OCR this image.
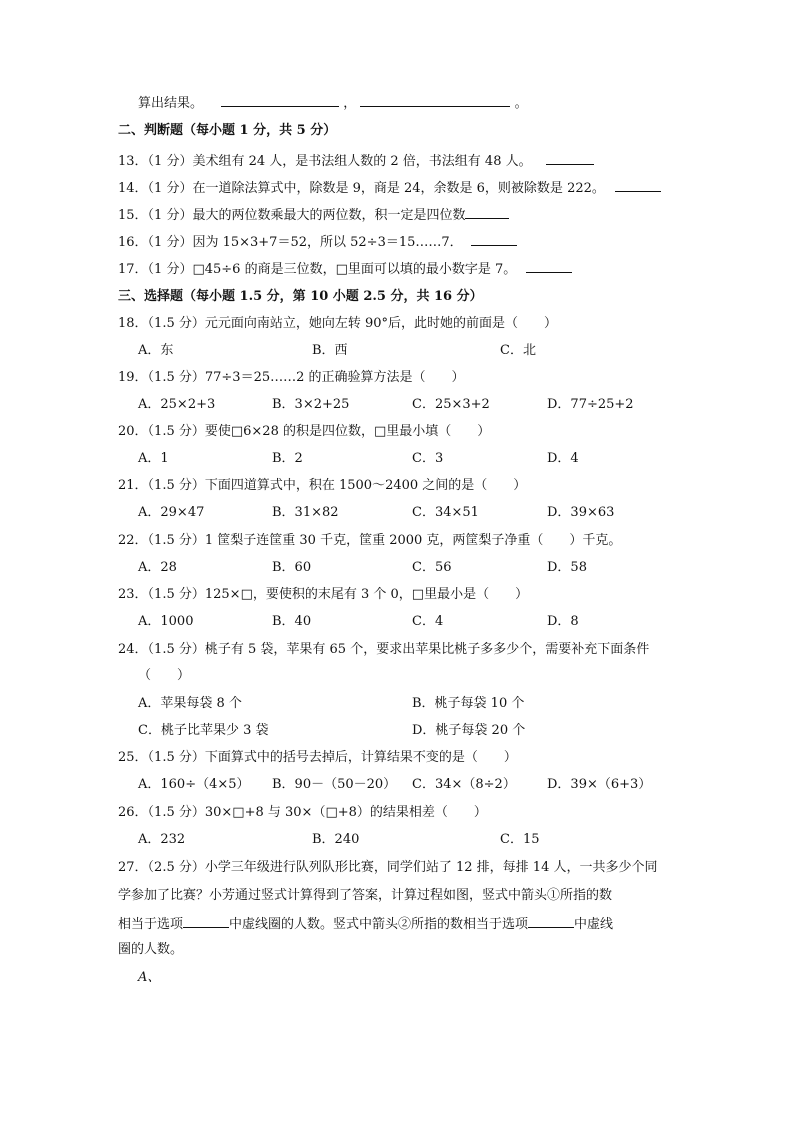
算出结果。	，	。
二、判断题（每小题 1 分，共 5 分）
13．（1 分）美术组有 24 人，是书法组人数的 2 倍，书法组有 48 人。
14．（1 分）在一道除法算式中，除数是 9，商是 24，余数是 6，则被除数是 222。
15．（1 分）最大的两位数乘最大的两位数，积一定是四位数
16．（1 分）因为 15×3+7＝52，所以 52÷3＝15……7．
17．（1 分）□45÷6 的商是三位数，□里面可以填的最小数字是 7。
三、选择题（每小题 1.5 分，第 10 小题 2.5 分，共 16 分）
18．（1.5 分）元元面向南站立，她向左转 90°后，此时她的前面是（　　）
A．东	B．西	C．北
19．（1.5 分）77÷3＝25……2 的正确验算方法是（　　）
A．25×2+3	B．3×2+25	C．25×3+2	D．77÷25+2
20．（1.5 分）要使□6×28 的积是四位数，□里最小填（　　）
A．1	B．2	C．3	D．4
21．（1.5 分）下面四道算式中，积在 1500～2400 之间的是（　　）
A．29×47	B．31×82	C．34×51	D．39×63
22．（1.5 分）1 筐梨子连筐重 30 千克，筐重 2000 克，两筐梨子净重（　　）千克。
A．28	B．60	C．56	D．58
23．（1.5 分）125×□，要使积的末尾有 3 个 0，□里最小是（　　）
A．1000	B．40	C．4	D．8
24．（1.5 分）桃子有 5 袋，苹果有 65 个，要求出苹果比桃子多多少个，需要补充下面条件
（　　）
A．苹果每袋 8 个	B．桃子每袋 10 个
C．桃子比苹果少 3 袋	D．桃子每袋 20 个
25．（1.5 分）下面算式中的括号去掉后，计算结果不变的是（　　）
A．160÷（4×5） B．90－（50－20） C．34×（8÷2） D．39×（6+3）
26．（1.5 分）30×□+8 与 30×（□+8）的结果相差（　　）
A．232	B．240	C．15
27．（2.5 分）小学三年级进行队列队形比赛，同学们站了 12 排，每排 14 人，一共多少个同
学参加了比赛？小芳通过竖式计算得到了答案，计算过程如图，竖式中箭头①所指的数
相当于选项	中虚线圈的人数。竖式中箭头②所指的数相当于选项	中虚线
圈的人数。
A、
